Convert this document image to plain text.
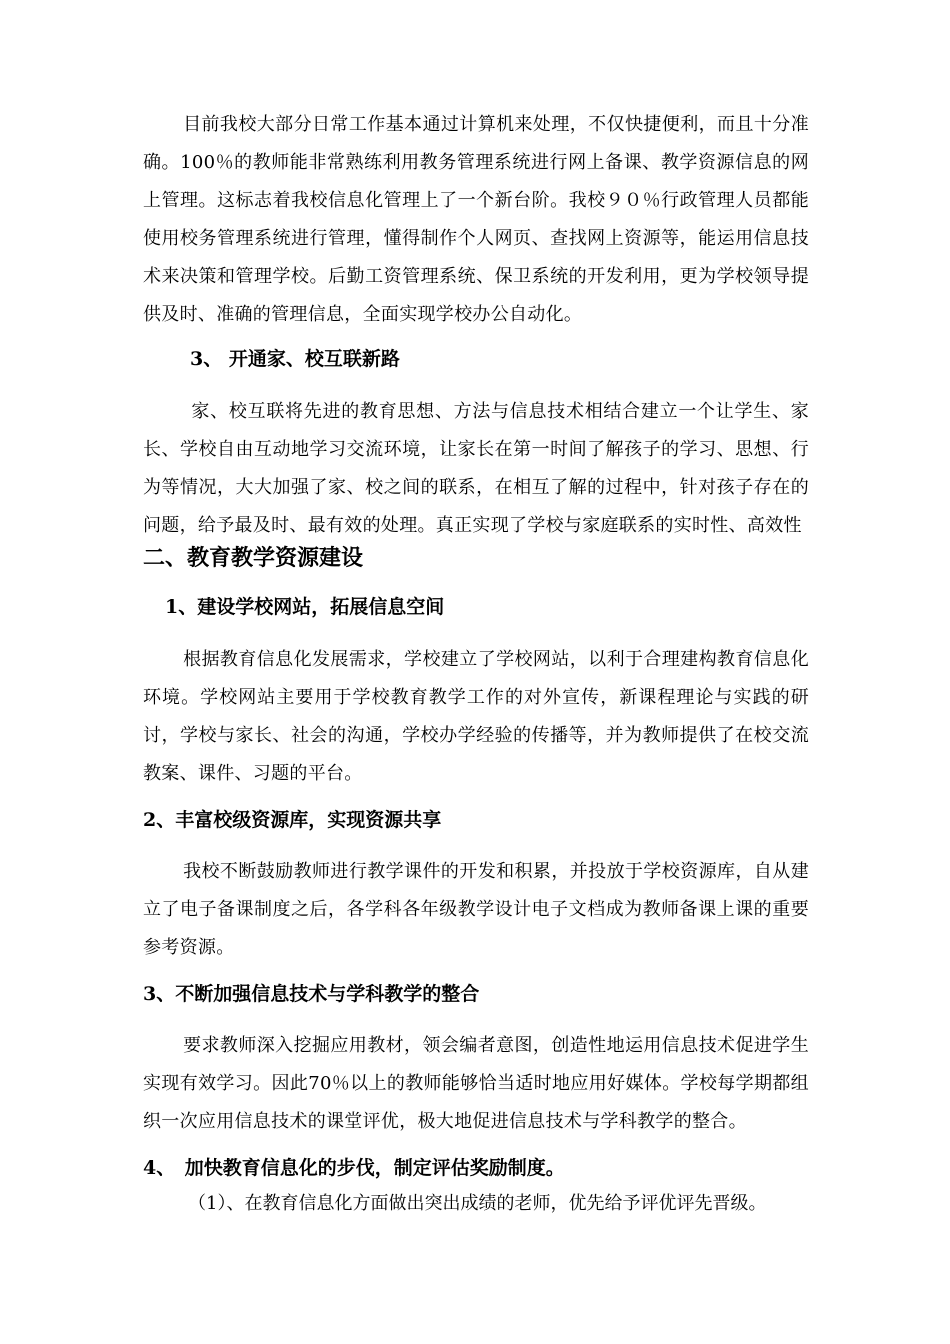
目前我校大部分日常工作基本通过计算机来处理，不仅快捷便利，而且十分准确。100％的教师能非常熟练利用教务管理系统进行网上备课、教学资源信息的网上管理。这标志着我校信息化管理上了一个新台阶。我校９０％行政管理人员都能使用校务管理系统进行管理，懂得制作个人网页、查找网上资源等，能运用信息技术来决策和管理学校。后勤工资管理系统、保卫系统的开发利用，更为学校领导提供及时、准确的管理信息，全面实现学校办公自动化。
3、 开通家、校互联新路
家、校互联将先进的教育思想、方法与信息技术相结合建立一个让学生、家长、学校自由互动地学习交流环境，让家长在第一时间了解孩子的学习、思想、行为等情况，大大加强了家、校之间的联系，在相互了解的过程中，针对孩子存在的问题，给予最及时、最有效的处理。真正实现了学校与家庭联系的实时性、高效性
二、教育教学资源建设
1、建设学校网站，拓展信息空间
根据教育信息化发展需求，学校建立了学校网站，以利于合理建构教育信息化环境。学校网站主要用于学校教育教学工作的对外宣传，新课程理论与实践的研讨，学校与家长、社会的沟通，学校办学经验的传播等，并为教师提供了在校交流教案、课件、习题的平台。
2、丰富校级资源库，实现资源共享
我校不断鼓励教师进行教学课件的开发和积累，并投放于学校资源库，自从建立了电子备课制度之后，各学科各年级教学设计电子文档成为教师备课上课的重要参考资源。
3、不断加强信息技术与学科教学的整合
要求教师深入挖掘应用教材，领会编者意图，创造性地运用信息技术促进学生实现有效学习。因此70％以上的教师能够恰当适时地应用好媒体。学校每学期都组织一次应用信息技术的课堂评优，极大地促进信息技术与学科教学的整合。
4、　加快教育信息化的步伐，制定评估奖励制度。
（1）、在教育信息化方面做出突出成绩的老师，优先给予评优评先晋级。
